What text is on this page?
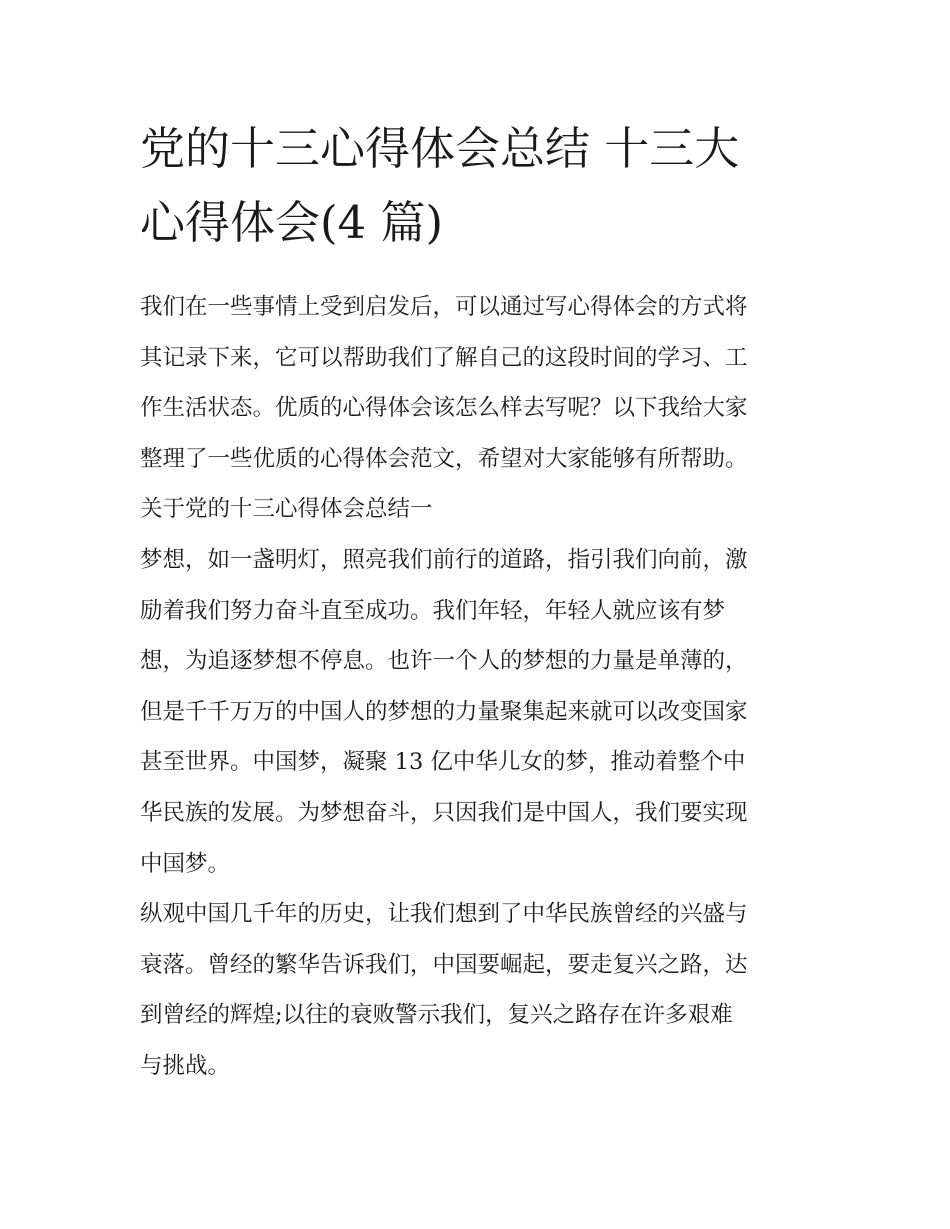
党的十三心得体会总结 十三大
心得体会(4 篇)

我们在一些事情上受到启发后，可以通过写心得体会的方式将
其记录下来，它可以帮助我们了解自己的这段时间的学习、工
作生活状态。优质的心得体会该怎么样去写呢？以下我给大家
整理了一些优质的心得体会范文，希望对大家能够有所帮助。

关于党的十三心得体会总结一

梦想，如一盏明灯，照亮我们前行的道路，指引我们向前，激
励着我们努力奋斗直至成功。我们年轻，年轻人就应该有梦
想，为追逐梦想不停息。也许一个人的梦想的力量是单薄的，
但是千千万万的中国人的梦想的力量聚集起来就可以改变国家
甚至世界。中国梦，凝聚 13 亿中华儿女的梦，推动着整个中
华民族的发展。为梦想奋斗，只因我们是中国人，我们要实现
中国梦。

纵观中国几千年的历史，让我们想到了中华民族曾经的兴盛与
衰落。曾经的繁华告诉我们，中国要崛起，要走复兴之路，达
到曾经的辉煌;以往的衰败警示我们，复兴之路存在许多艰难
与挑战。
